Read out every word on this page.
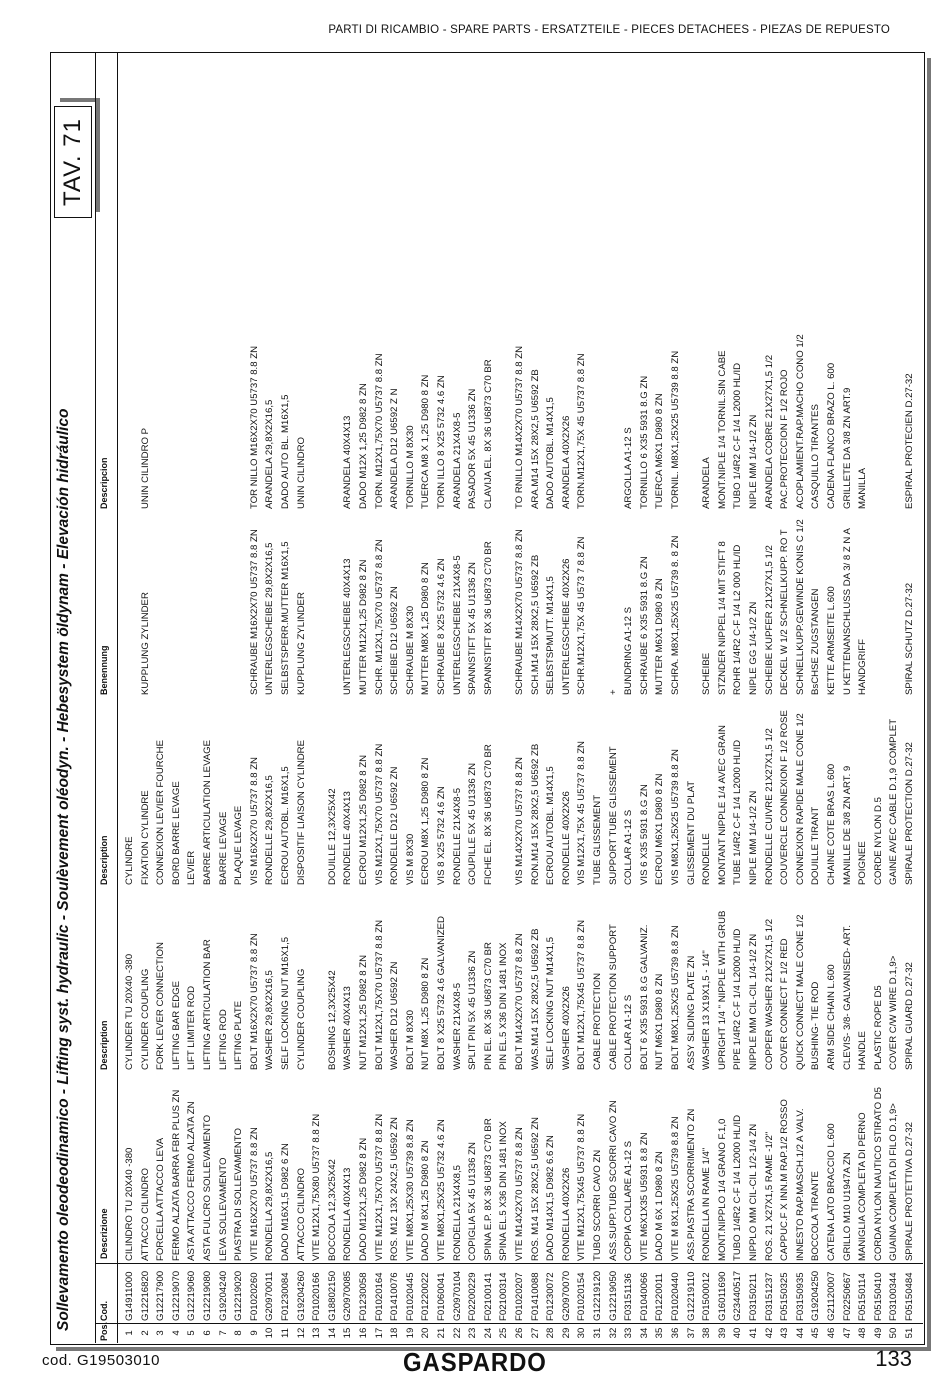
PARTI DI RICAMBIO - SPARE PARTS - ERSATZTEILE - PIECES DETACHEES - PIEZAS DE REPUESTO
Sollevamento oleodeodinamico - Lifting syst. hydraulic - Soulèvement oléodyn. - Hebesystem öldynam - Elevación hidráulico
TAV. 71
Pos.
Cod.
Descrizione
Description
Description
Benennung
Descripcion
1
G14911000
CILINDRO TU 20X40 -380
CYLINDER TU 20X40 -380
CYLINDRE
2
G12216820
ATTACCO CILINDRO
CYLINDER COUPLING
FIXATION CYLINDRE
KUPPLUNG ZYLINDER
UNIN CILINDRO P
3
G12217900
FORCELLA ATTACCO LEVA
FORK LEVER CONNECTION
CONNEXION LEVIER FOURCHE
4
G12219070
FERMO ALZATA BARRA FBR PLUS ZN
LIFTING BAR EDGE
BORD BARRE LEVAGE
5
G12219060
ASTA ATTACCO FERMO ALZATA ZN
LIFT LIMITER ROD
LEVIER
6
G12219080
ASTA FULCRO SOLLEVAMENTO
LIFTING ARTICULATION BAR
BARRE ARTICULATION LEVAGE
7
G19204240
LEVA SOLLEVAMENTO
LIFTING ROD
BARRE LEVAGE
8
G12219020
PIASTRA DI SOLLEVAMENTO
LIFTING PLATE
PLAQUE LEVAGE
9
F01020260
VITE M16X2X70 U5737 8.8 ZN
BOLT M16X2X70 U5737 8.8 ZN
VIS M16X2X70 U5737 8.8 ZN
SCHRAUBE M16X2X70 U5737 8.8 ZN
TOR NILLO M16X2X70 U5737 8.8 ZN
10
G20970011
RONDELLA 29,8X2X16,5
WASHER 29,8X2X16,5
RONDELLE 29,8X2X16,5
UNTERLEGSCHEIBE 29,8X2X16,5
ARANDELA 29,8X2X16,5
11
F01230084
DADO M16X1,5 D982 6 ZN
SELF LOCKING NUT M16X1,5
ECROU AUTOBL. M16X1,5
SELBSTSPERR.MUTTER M16X1,5
DADO AUTO BL. M16X1,5
12
G19204260
ATTACCO CILINDRO
CYLINDER COUPLING
DISPOSITIF LIAISON CYLINDRE
KUPPLUNG ZYLINDER
UNIN CILINDRO
13
F01020166
VITE M12X1,75X80 U5737 8.8 ZN
14
G18802150
BOCCOLA 12,3X25X42
BOSHING 12,3X25X42
DOUILLE 12,3X25X42
15
G20970085
RONDELLA 40X4X13
WASHER 40X4X13
RONDELLE 40X4X13
UNTERLEGSCHEIBE 40X4X13
ARANDELA 40X4X13
16
F01230058
DADO M12X1,25 D982 8 ZN
NUT M12X1,25 D982 8 ZN
ECROU M12X1,25 D982 8 ZN
MUTTER M12X1,25 D982 8 ZN
DADO M12X 1,25 D982 8 ZN
17
F01020164
VITE M12X1,75X70 U5737 8.8 ZN
BOLT M12X1,75X70 U5737 8.8 ZN
VIS M12X1,75X70 U5737 8.8 ZN
SCHR. M12X1,75X70 U5737 8.8 ZN
TORN. M12X1,75X70 U5737 8.8 ZN
18
F01410076
ROS. M12 13X 24X2,5 U6592 ZN
WASHER D12 U6592 ZN
RONDELLE D12 U6592 ZN
SCHEIBE D12 U6592 ZN
ARANDELA D12 U6592 Z N
19
F01020445
VITE M8X1,25X30 U5739 8.8 ZN
BOLT M 8X30
VIS M 8X30
SCHRAUBE M 8X30
TORNILLO M 8X30
20
F01220022
DADO M 8X1,25 D980 8 ZN
NUT M8X 1,25 D980 8 ZN
ECROU M8X 1,25 D980 8 ZN
MUTTER M8X 1,25 D980 8 ZN
TUERCA M8 X 1,25 D980 8 ZN
21
F01060041
VITE M8X1,25X25 U5732 4.6 ZN
BOLT 8 X25 5732 4.6 GALVANIZED
VIS 8 X25 5732 4.6 ZN
SCHRAUBE 8 X25 5732 4.6 ZN
TORN ILLO 8 X25 5732 4.6 ZN
22
G20970104
RONDELLA 21X4X8,5
WASHER 21X4X8-5
RONDELLE 21X4X8-5
UNTERLEGSCHEIBE 21X4X8-5
ARANDELA 21X4X8-5
23
F02200229
COPIGLIA 5X 45 U1336 ZN
SPLIT PIN 5X 45 U1336 ZN
GOUPILLE 5X 45 U1336 ZN
SPANNSTIFT 5X 45 U1336 ZN
PASADOR 5X 45 U1336 ZN
24
F02100141
SPINA E.P. 8X 36 U6873 C70 BR
PIN EL. 8X 36 U6873 C70 BR
FICHE EL. 8X 36 U6873 C70 BR
SPANNSTIFT 8X 36 U6873 C70 BR
CLAVIJA EL. 8X 36 U6873 C70 BR
25
F02100314
SPINA EL.5 X36 DIN 1481 INOX
PIN EL.5 X36 DIN 1481 INOX
26
F01020207
VITE M14X2X70 U5737 8.8 ZN
BOLT M14X2X70 U5737 8.8 ZN
VIS M14X2X70 U5737 8.8 ZN
SCHRAUBE M14X2X70 U5737 8.8 ZN
TO RNILLO M14X2X70 U5737 8.8 ZN
27
F01410088
ROS. M14 15X 28X2,5 U6592 ZN
WAS.M14 15X 28X2,5 U6592 ZB
RON.M14 15X 28X2,5 U6592 ZB
SCH.M14 15X 28X2,5 U6592 ZB
ARA.M14 15X 28X2,5 U6592 ZB
28
F01230072
DADO M14X1,5 D982 6.6 ZN
SELF LOCKING NUT M14X1,5
ECROU AUTOBL. M14X1,5
SELBSTSPMUTT. M14X1,5
DADO AUTOBL. M14X1,5
29
G20970070
RONDELLA 40X2X26
WASHER 40X2X26
RONDELLE 40X2X26
UNTERLEGSCHEIBE 40X2X26
ARANDELA 40X2X26
30
F01020154
VITE M12X1,75X45 U5737 8.8 ZN
BOLT M12X1,75X45 U5737 8.8 ZN
VIS M12X1,75X 45 U5737 8.8 ZN
SCHR.M12X1,75X 45 U573 7 8.8 ZN
TORN.M12X1,75X 45 U5737 8.8 ZN
31
G12219120
TUBO SCORRI CAVO ZN
CABLE PROTECTION
TUBE GLISSEMENT
32
G12219050
ASS.SUPP.TUBO SCORRI CAVO ZN
CABLE PROTECTION SUPPORT
SUPPORT TUBE GLISSEMENT
+
33
F03151136
COPPIA COLLARE A1-12 S
COLLAR A1-12 S
COLLAR A1-12 S
BUNDRING A1-12 S
ARGOLLA A1-12 S
34
F01040066
VITE M6X1X35 U5931 8.8 ZN
BOLT 6 X35 5931 8.G GALVANIZ.
VIS 6 X35 5931 8.G ZN
SCHRAUBE 6 X35 5931 8.G ZN
TORNILLO 6 X35 5931 8.G ZN
35
F01220011
DADO M 6X 1 D980 8 ZN
NUT M6X1 D980 8 ZN
ECROU M6X1 D980 8 ZN
MUTTER M6X1 D980 8 ZN
TUERCA M6X1 D980 8 ZN
36
F01020440
VITE M 8X1,25X25 U5739 8.8 ZN
BOLT M8X1,25X25 U5739 8.8 ZN
VIS M8X1,25X25 U5739 8.8 ZN
SCHRA. M8X1,25X25 U5739 8. 8 ZN
TORNIL. M8X1,25X25 U5739 8.8 ZN
37
G12219110
ASS.PIASTRA SCORRIMENTO ZN
ASSY SLIDING PLATE ZN
GLISSEMENT DU PLAT
38
F01500012
RONDELLA IN RAME 1/4"
WASHER 13 X19X1,5 - 1/4"
RONDELLE
SCHEIBE
ARANDELA
39
G16011690
MONT.NIPPLO 1/4 GRANO F.1,0
UPRIGHT 1/4 " NIPPLE WITH GRUB
MONTANT NIPPLE 1/4 AVEC GRAIN
STZNDER NIPPEL 1/4 MIT STIFT 8
MONT.NIPLE 1/4 TORNIL.SIN CABE
40
G23440517
TUBO 1/4R2 C-F 1/4 L2000 HL/ID
PIPE 1/4R2 C-F 1/4 L2000 HL/ID
TUBE 1/4R2 C-F 1/4 L2000 HL/ID
ROHR 1/4R2 C-F 1/4 L2 000 HL/ID
TUBO 1/4R2 C-F 1/4 L2000 HL/ID
41
F03150211
NIPPLO MM CIL-CIL 1/2-1/4 ZN
NIPPLE MM CIL-CIL 1/4-1/2 ZN
NIPLE MM 1/4-1/2 ZN
NIPLE GG 1/4-1/2 ZN
NIPLE MM 1/4-1/2 ZN
42
F03151237
ROS. 21 X27X1,5 RAME -1/2"
COPPER WASHER 21X27X1,5 1/2
RONDELLE CUIVRE 21X27X1,5 1/2
SCHEIBE KUPFER 21X27X1,5 1/2
ARANDELA COBRE 21X27X1,5 1/2
43
F05150325
CAPPUC.F X INN.M RAP.1/2 ROSSO
COVER CONNECT F 1/2 RED
COUVERCLE CONNEXION F 1/2 ROSE
DECKEL W 1/2 SCHNELLKUPP. RO T
PAC.PROTECCION F 1/2 ROJO
44
F03150935
INNESTO RAP.MASCH.1/2 A VALV.
QUICK CONNECT MALE CONE 1/2
CONNEXION RAPIDE MALE CONE 1/2
SCHNELLKUPP.GEWINDE KONIS C 1/2
ACOPLAMIENT.RAP.MACHO CONO 1/2
45
G19204250
BOCCOLA TIRANTE
BUSHING- TIE ROD
DOUILLE TIRANT
BsCHSE ZUGSTANGEN
CASQUILLO TIRANTES
46
G21120007
CATENA LATO BRACCIO L.600
ARM SIDE CHAIN L.600
CHAINE COTE BRAS L.600
KETTE ARMSEITE L.600
CADENA FLANCO BRAZO L. 600
47
F02250667
GRILLO M10 U1947A ZN
CLEVIS- 3/8- GALVANISED- ART.
MANILLE DE 3/8 ZN ART. 9
U KETTENANSCHLUSS DA 3/ 8 Z N A
GRILLETE DA 3/8 ZN ART.9
48
F05150114
MANIGLIA COMPLETA DI PERNO
HANDLE
POIGNEE
HANDGRIFF
MANILLA
49
F05150410
CORDA NYLON NAUTICO STIRATO D5
PLASTIC ROPE D5
CORDE NYLON D.5
50
F03100344
GUAINA COMPLETA DI FILO D.1,9>
COVER C/W WIRE D.1,9>
GAINE AVEC CABLE D.1,9 COMPLET
51
F05150484
SPIRALE PROTETTIVA D.27-32
SPIRAL GUARD D.27-32
SPIRALE PROTECTION D.27-32
SPIRAL SCHUTZ D.27-32
ESPIRAL PROTECIEN D.27-32
cod. G19503010	GASPARDO	133
